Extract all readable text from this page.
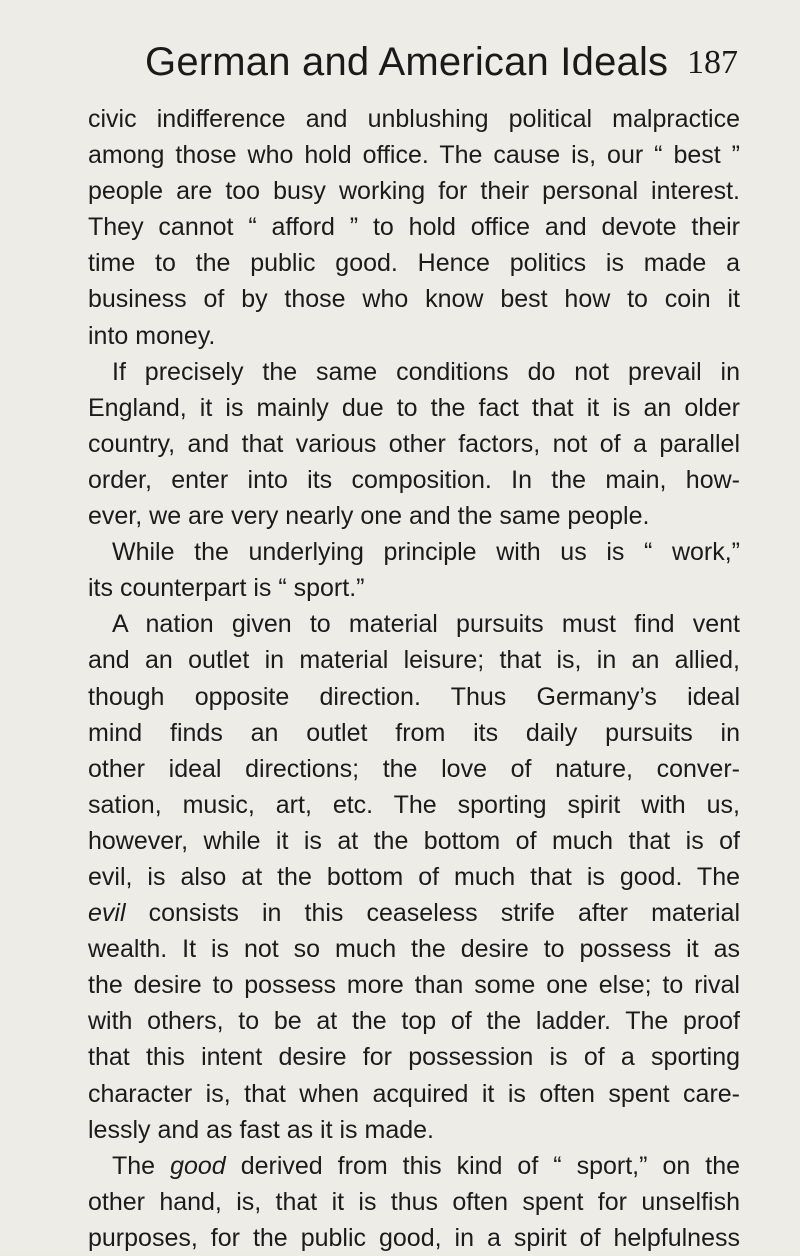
German and American Ideals 187
civic indifference and unblushing political malpractice
among those who hold office. The cause is, our “ best ”
people are too busy working for their personal interest.
They cannot “ afford ” to hold office and devote their
time to the public good. Hence politics is made a
business of by those who know best how to coin it
into money.
If precisely the same conditions do not prevail in
England, it is mainly due to the fact that it is an older
country, and that various other factors, not of a parallel
order, enter into its composition. In the main, how-
ever, we are very nearly one and the same people.
While the underlying principle with us is “ work,”
its counterpart is “ sport.”
A nation given to material pursuits must find vent
and an outlet in material leisure; that is, in an allied,
though opposite direction. Thus Germany’s ideal
mind finds an outlet from its daily pursuits in
other ideal directions; the love of nature, conver-
sation, music, art, etc. The sporting spirit with us,
however, while it is at the bottom of much that is of
evil, is also at the bottom of much that is good. The
evil consists in this ceaseless strife after material
wealth. It is not so much the desire to possess it as
the desire to possess more than some one else; to rival
with others, to be at the top of the ladder. The proof
that this intent desire for possession is of a sporting
character is, that when acquired it is often spent care-
lessly and as fast as it is made.
The good derived from this kind of “ sport,” on the
other hand, is, that it is thus often spent for unselfish
purposes, for the public good, in a spirit of helpfulness
